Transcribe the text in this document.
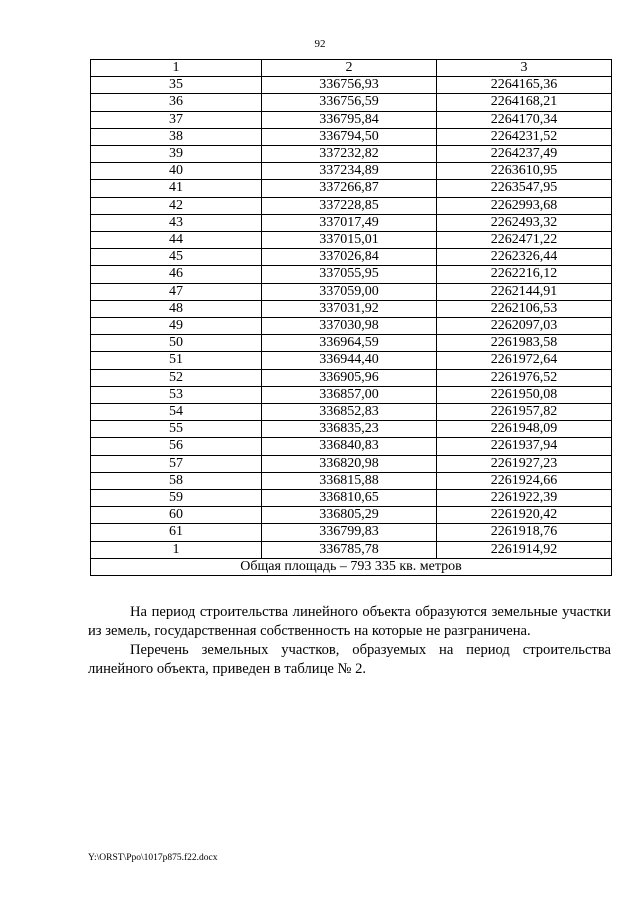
92
1	2	3
35	336756,93	2264165,36
36	336756,59	2264168,21
37	336795,84	2264170,34
38	336794,50	2264231,52
39	337232,82	2264237,49
40	337234,89	2263610,95
41	337266,87	2263547,95
42	337228,85	2262993,68
43	337017,49	2262493,32
44	337015,01	2262471,22
45	337026,84	2262326,44
46	337055,95	2262216,12
47	337059,00	2262144,91
48	337031,92	2262106,53
49	337030,98	2262097,03
50	336964,59	2261983,58
51	336944,40	2261972,64
52	336905,96	2261976,52
53	336857,00	2261950,08
54	336852,83	2261957,82
55	336835,23	2261948,09
56	336840,83	2261937,94
57	336820,98	2261927,23
58	336815,88	2261924,66
59	336810,65	2261922,39
60	336805,29	2261920,42
61	336799,83	2261918,76
1	336785,78	2261914,92
Общая площадь – 793 335 кв. метров		

На период строительства линейного объекта образуются земельные участки из земель, государственная собственность на которые не разграничена.

Перечень земельных участков, образуемых на период строительства линейного объекта, приведен в таблице № 2.

Y:\ORST\Ppo\1017p875.f22.docx
